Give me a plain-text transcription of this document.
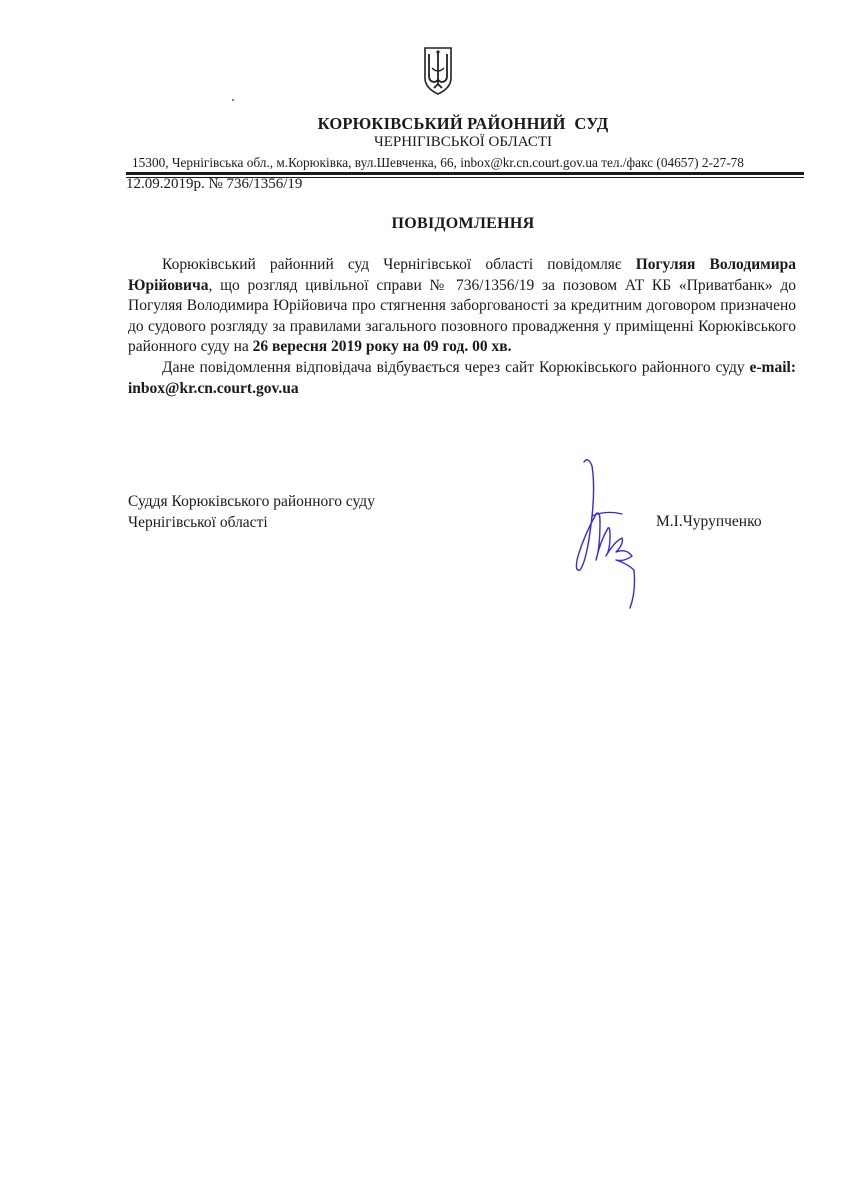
КОРЮКІВСЬКИЙ РАЙОННИЙ  СУД
ЧЕРНІГІВСЬКОЇ ОБЛАСТІ
15300, Чернігівська обл., м.Корюківка, вул.Шевченка, 66, inbox@kr.cn.court.gov.ua тел./факс (04657) 2-27-78
12.09.2019р. № 736/1356/19
ПОВІДОМЛЕННЯ

Корюківський районний суд Чернігівської області повідомляє Погуляя Володимира Юрійовича, що розгляд цивільної справи № 736/1356/19 за позовом АТ КБ «Приватбанк» до Погуляя Володимира Юрійовича про стягнення заборгованості за кредитним договором призначено до судового розгляду за правилами загального позовного провадження у приміщенні Корюківського районного суду на 26 вересня 2019 року на 09 год. 00 хв.

Дане повідомлення відповідача відбувається через сайт Корюківського районного суду e-mail: inbox@kr.cn.court.gov.ua

Суддя Корюківського районного суду
Чернігівської області	М.І.Чурупченко
